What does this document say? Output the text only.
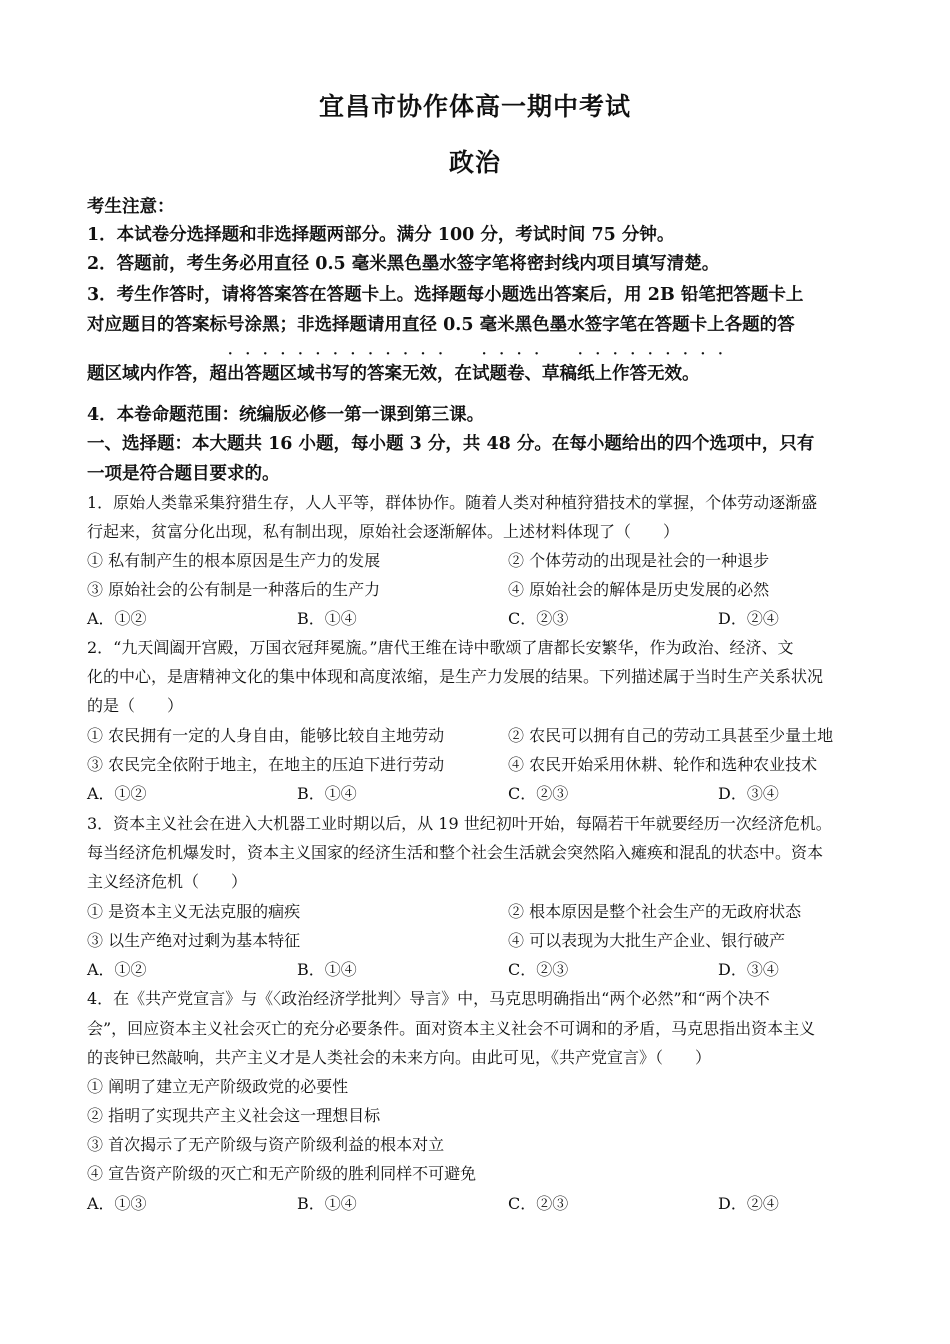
宜昌市协作体高一期中考试
政治
考生注意：
1．本试卷分选择题和非选择题两部分。满分 100 分，考试时间 75 分钟。
2．答题前，考生务必用直径 0.5 毫米黑色墨水签字笔将密封线内项目填写清楚。
3．考生作答时，请将答案答在答题卡上。选择题每小题选出答案后，用 2B 铅笔把答题卡上
对应题目的答案标号涂黑；非选择题请用直径 0.5 毫米黑色墨水签字笔在答题卡上各题的答
·　·　·　·　·　·　·　·　·　·　·　·　·　　　·　·　·　·　　　·　·　·　·　·　·　·　·　·
题区域内作答，超出答题区域书写的答案无效，在试题卷、草稿纸上作答无效。
4．本卷命题范围：统编版必修一第一课到第三课。
一、选择题：本大题共 16 小题，每小题 3 分，共 48 分。在每小题给出的四个选项中，只有
一项是符合题目要求的。
1．原始人类靠采集狩猎生存，人人平等，群体协作。随着人类对种植狩猎技术的掌握，个体劳动逐渐盛
行起来，贫富分化出现，私有制出现，原始社会逐渐解体。上述材料体现了（　　）
① 私有制产生的根本原因是生产力的发展	② 个体劳动的出现是社会的一种退步
③ 原始社会的公有制是一种落后的生产力	④ 原始社会的解体是历史发展的必然
A．①②	B．①④	C．②③	D．②④
2．“九天阊阖开宫殿，万国衣冠拜冕旒。”唐代王维在诗中歌颂了唐都长安繁华，作为政治、经济、文
化的中心，是唐精神文化的集中体现和高度浓缩，是生产力发展的结果。下列描述属于当时生产关系状况
的是（　　）
① 农民拥有一定的人身自由，能够比较自主地劳动	② 农民可以拥有自己的劳动工具甚至少量土地
③ 农民完全依附于地主，在地主的压迫下进行劳动	④ 农民开始采用休耕、轮作和选种农业技术
A．①②	B．①④	C．②③	D．③④
3．资本主义社会在进入大机器工业时期以后，从 19 世纪初叶开始，每隔若干年就要经历一次经济危机。
每当经济危机爆发时，资本主义国家的经济生活和整个社会生活就会突然陷入瘫痪和混乱的状态中。资本
主义经济危机（　　）
① 是资本主义无法克服的痼疾	② 根本原因是整个社会生产的无政府状态
③ 以生产绝对过剩为基本特征	④ 可以表现为大批生产企业、银行破产
A．①②	B．①④	C．②③	D．③④
4．在《共产党宣言》与《〈政治经济学批判〉导言》中，马克思明确指出“两个必然”和“两个决不
会”，回应资本主义社会灭亡的充分必要条件。面对资本主义社会不可调和的矛盾，马克思指出资本主义
的丧钟已然敲响，共产主义才是人类社会的未来方向。由此可见，《共产党宣言》（　　）
① 阐明了建立无产阶级政党的必要性
② 指明了实现共产主义社会这一理想目标
③ 首次揭示了无产阶级与资产阶级利益的根本对立
④ 宣告资产阶级的灭亡和无产阶级的胜利同样不可避免
A．①③	B．①④	C．②③	D．②④
